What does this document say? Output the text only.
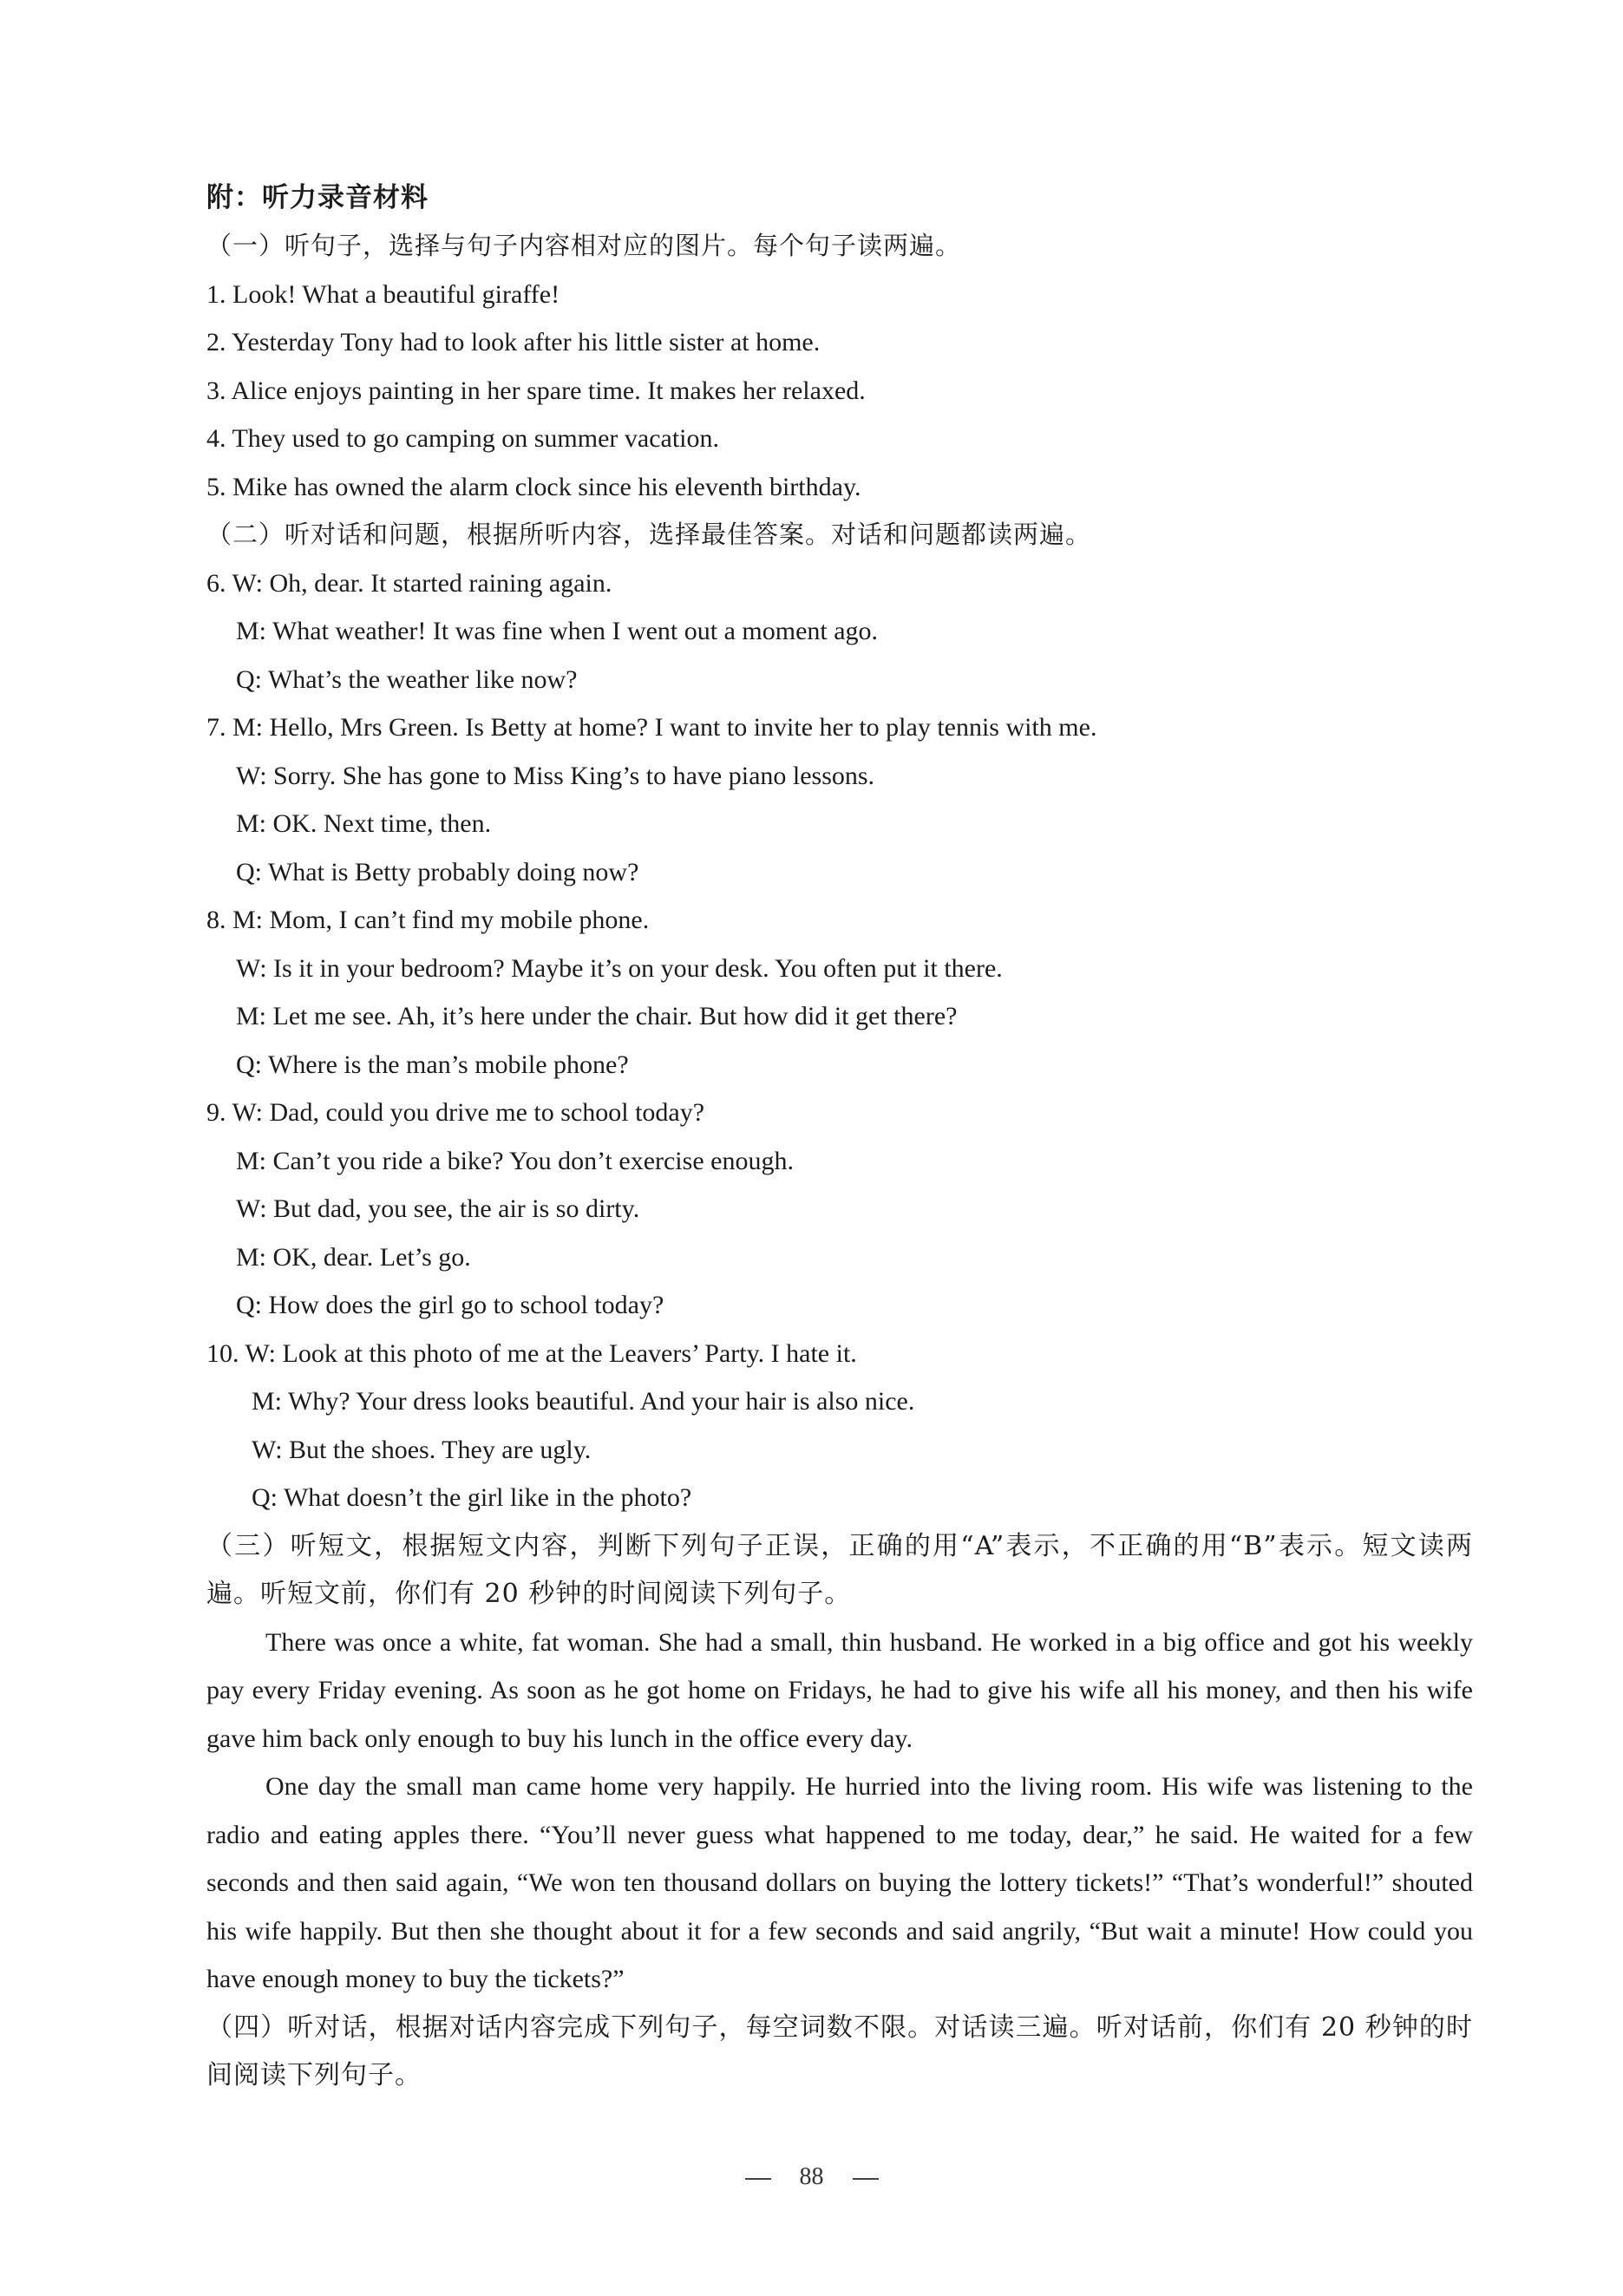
附：听力录音材料
（一）听句子，选择与句子内容相对应的图片。每个句子读两遍。
1. Look! What a beautiful giraffe!
2. Yesterday Tony had to look after his little sister at home.
3. Alice enjoys painting in her spare time. It makes her relaxed.
4. They used to go camping on summer vacation.
5. Mike has owned the alarm clock since his eleventh birthday.
（二）听对话和问题，根据所听内容，选择最佳答案。对话和问题都读两遍。
6. W: Oh, dear. It started raining again.
M: What weather! It was fine when I went out a moment ago.
Q: What’s the weather like now?
7. M: Hello, Mrs Green. Is Betty at home? I want to invite her to play tennis with me.
W: Sorry. She has gone to Miss King’s to have piano lessons.
M: OK. Next time, then.
Q: What is Betty probably doing now?
8. M: Mom, I can’t find my mobile phone.
W: Is it in your bedroom? Maybe it’s on your desk. You often put it there.
M: Let me see. Ah, it’s here under the chair. But how did it get there?
Q: Where is the man’s mobile phone?
9. W: Dad, could you drive me to school today?
M: Can’t you ride a bike? You don’t exercise enough.
W: But dad, you see, the air is so dirty.
M: OK, dear. Let’s go.
Q: How does the girl go to school today?
10. W: Look at this photo of me at the Leavers’ Party. I hate it.
M: Why? Your dress looks beautiful. And your hair is also nice.
W: But the shoes. They are ugly.
Q: What doesn’t the girl like in the photo?
（三）听短文，根据短文内容，判断下列句子正误，正确的用“A”表示，不正确的用“B”表示。短文读两遍。听短文前，你们有 20 秒钟的时间阅读下列句子。
There was once a white, fat woman. She had a small, thin husband. He worked in a big office and got his weekly pay every Friday evening. As soon as he got home on Fridays, he had to give his wife all his money, and then his wife gave him back only enough to buy his lunch in the office every day.
One day the small man came home very happily. He hurried into the living room. His wife was listening to the radio and eating apples there. “You’ll never guess what happened to me today, dear,” he said. He waited for a few seconds and then said again, “We won ten thousand dollars on buying the lottery tickets!” “That’s wonderful!” shouted his wife happily. But then she thought about it for a few seconds and said angrily, “But wait a minute! How could you have enough money to buy the tickets?”
（四）听对话，根据对话内容完成下列句子，每空词数不限。对话读三遍。听对话前，你们有 20 秒钟的时间阅读下列句子。
88
